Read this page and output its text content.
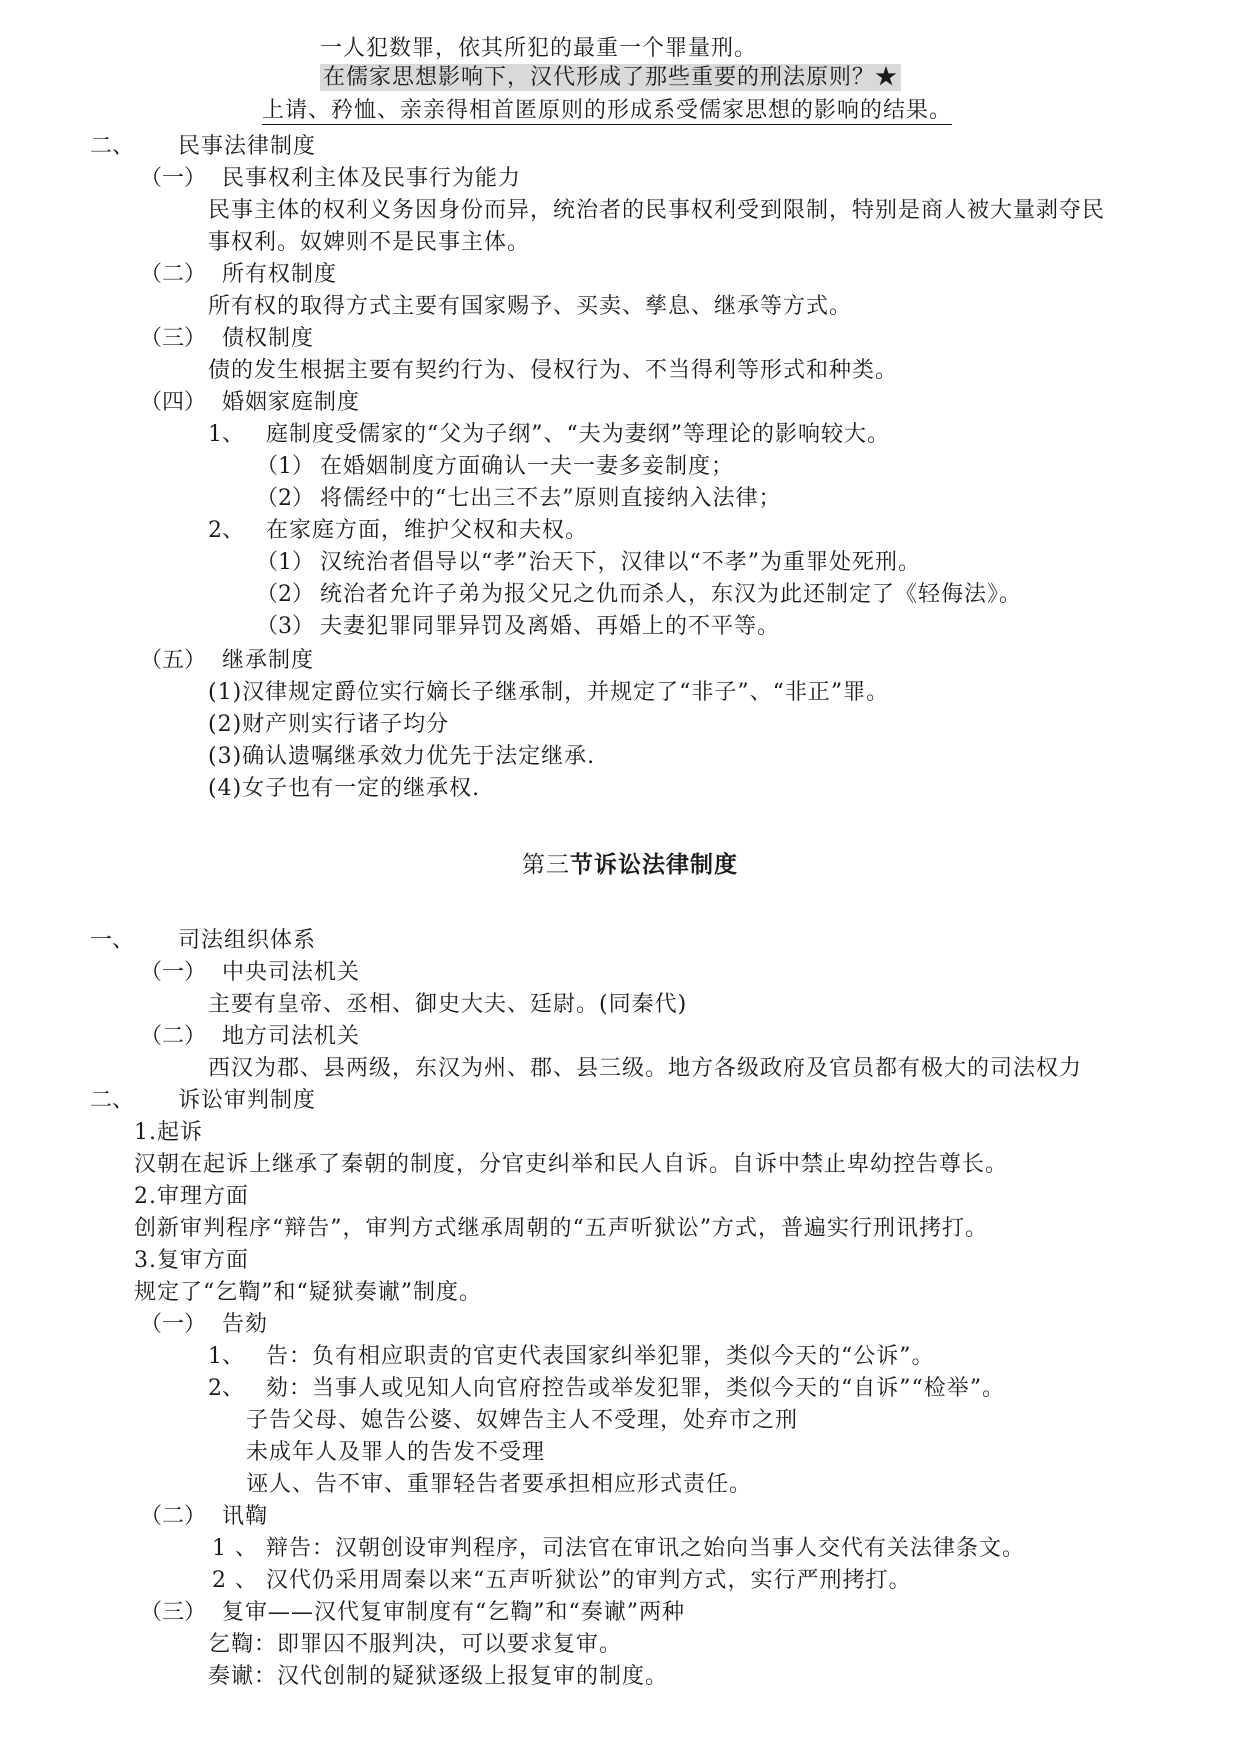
一人犯数罪，依其所犯的最重一个罪量刑。
在儒家思想影响下，汉代形成了那些重要的刑法原则？★
上请、矜恤、亲亲得相首匿原则的形成系受儒家思想的影响的结果。
二、 民事法律制度
（一） 民事权利主体及民事行为能力
民事主体的权利义务因身份而异，统治者的民事权利受到限制，特别是商人被大量剥夺民
事权利。奴婢则不是民事主体。
（二） 所有权制度
所有权的取得方式主要有国家赐予、买卖、孳息、继承等方式。
（三） 债权制度
债的发生根据主要有契约行为、侵权行为、不当得利等形式和种类。
（四） 婚姻家庭制度
1、 庭制度受儒家的“父为子纲”、“夫为妻纲”等理论的影响较大。
（1） 在婚姻制度方面确认一夫一妻多妾制度；
（2） 将儒经中的“七出三不去”原则直接纳入法律；
2、 在家庭方面，维护父权和夫权。
（1） 汉统治者倡导以“孝”治天下，汉律以“不孝”为重罪处死刑。
（2） 统治者允许子弟为报父兄之仇而杀人，东汉为此还制定了《轻侮法》。
（3） 夫妻犯罪同罪异罚及离婚、再婚上的不平等。
（五） 继承制度
(1)汉律规定爵位实行嫡长子继承制，并规定了“非子”、“非正”罪。
(2)财产则实行诸子均分
(3)确认遗嘱继承效力优先于法定继承.
(4)女子也有一定的继承权.
第三节诉讼法律制度
一、 司法组织体系
（一） 中央司法机关
主要有皇帝、丞相、御史大夫、廷尉。(同秦代)
（二） 地方司法机关
西汉为郡、县两级，东汉为州、郡、县三级。地方各级政府及官员都有极大的司法权力
二、 诉讼审判制度
1.起诉
汉朝在起诉上继承了秦朝的制度，分官吏纠举和民人自诉。自诉中禁止卑幼控告尊长。
2.审理方面
创新审判程序“辩告”，审判方式继承周朝的“五声听狱讼”方式，普遍实行刑讯拷打。
3.复审方面
规定了“乞鞫”和“疑狱奏谳”制度。
（一） 告劾
1、 告：负有相应职责的官吏代表国家纠举犯罪，类似今天的“公诉”。
2、 劾：当事人或见知人向官府控告或举发犯罪，类似今天的“自诉”“检举”。
子告父母、媳告公婆、奴婢告主人不受理，处弃市之刑
未成年人及罪人的告发不受理
诬人、告不审、重罪轻告者要承担相应形式责任。
（二） 讯鞫
1 、 辩告：汉朝创设审判程序，司法官在审讯之始向当事人交代有关法律条文。
2 、 汉代仍采用周秦以来“五声听狱讼”的审判方式，实行严刑拷打。
（三） 复审——汉代复审制度有“乞鞫”和“奏谳”两种
乞鞫：即罪囚不服判决，可以要求复审。
奏谳：汉代创制的疑狱逐级上报复审的制度。
